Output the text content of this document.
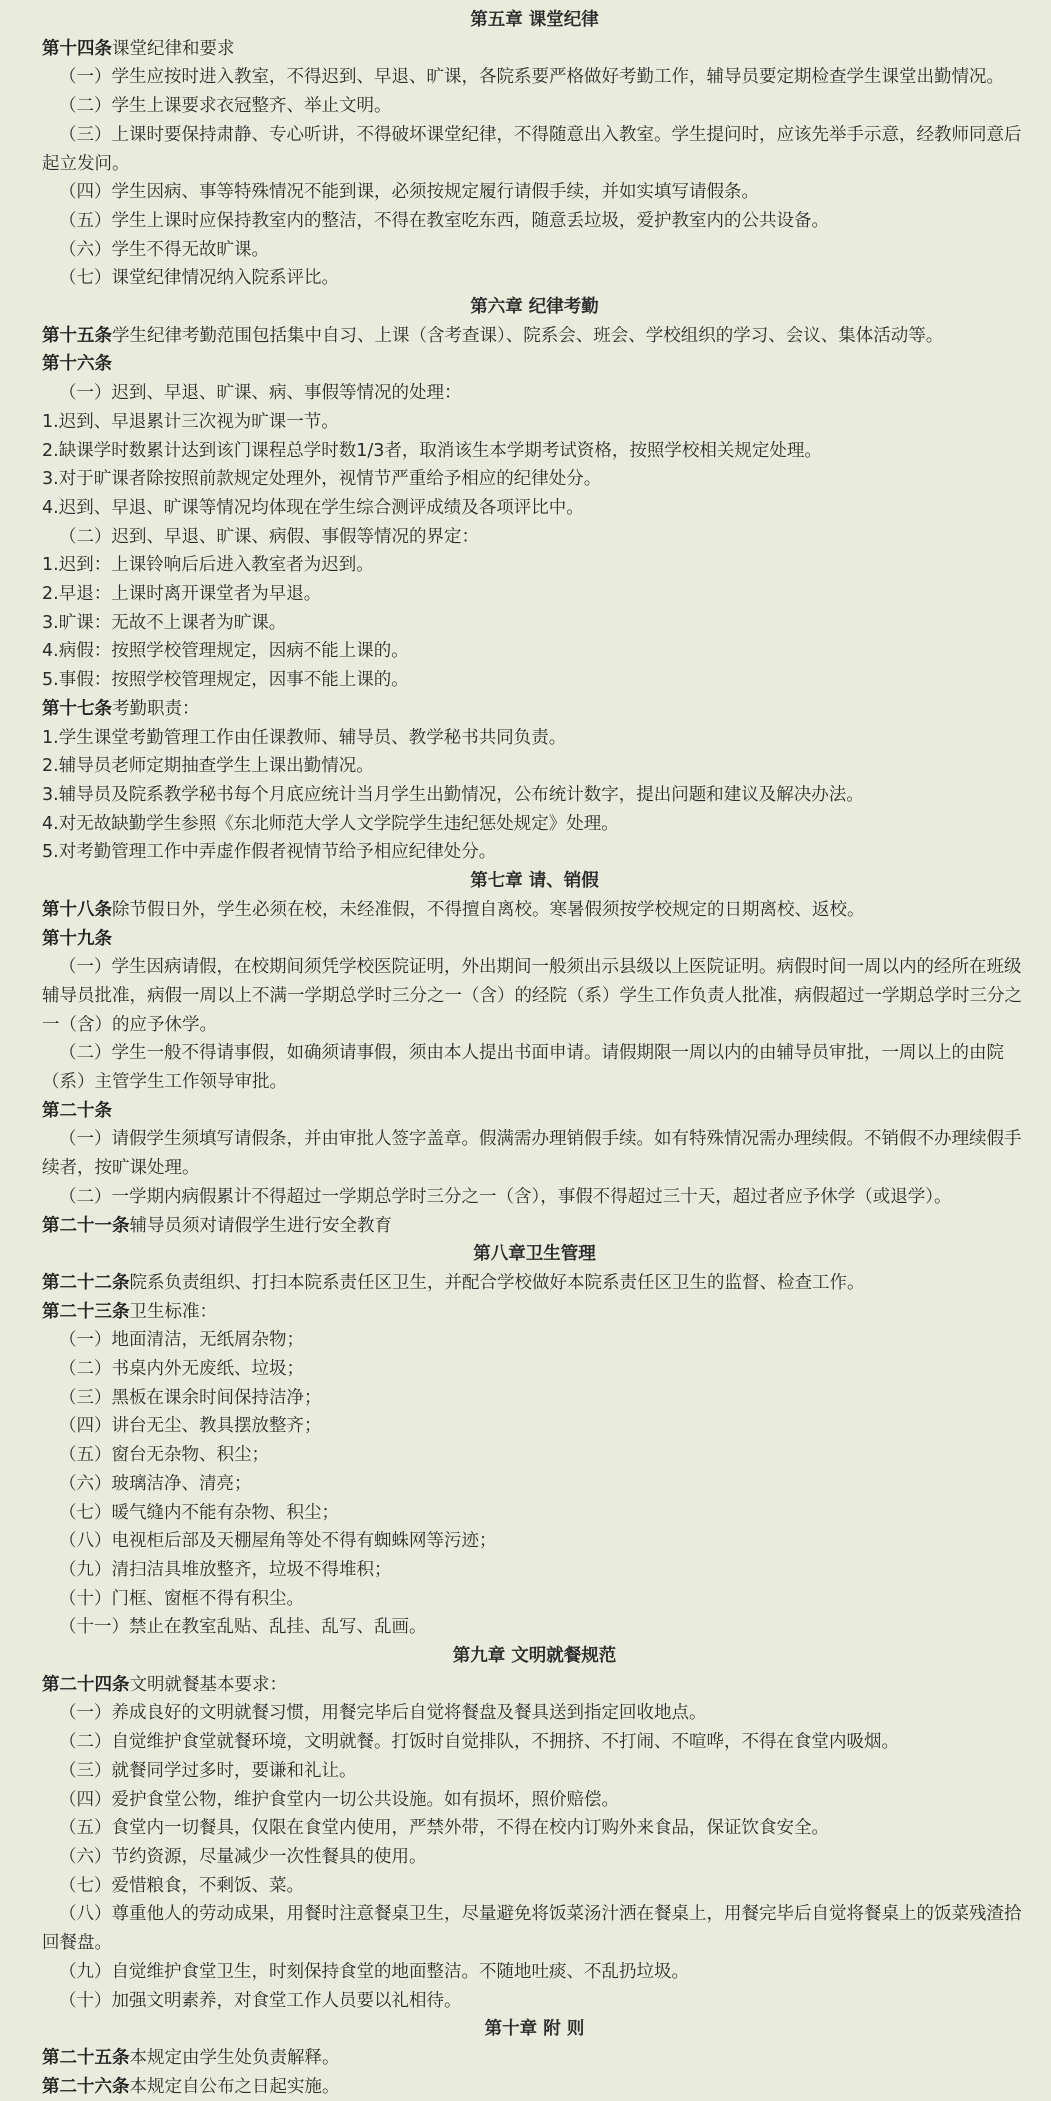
第五章 课堂纪律
第十四条课堂纪律和要求
（一）学生应按时进入教室，不得迟到、早退、旷课，各院系要严格做好考勤工作，辅导员要定期检查学生课堂出勤情况。
（二）学生上课要求衣冠整齐、举止文明。
（三）上课时要保持肃静、专心听讲，不得破坏课堂纪律，不得随意出入教室。学生提问时，应该先举手示意，经教师同意后起立发问。
（四）学生因病、事等特殊情况不能到课，必须按规定履行请假手续，并如实填写请假条。
（五）学生上课时应保持教室内的整洁，不得在教室吃东西，随意丢垃圾，爱护教室内的公共设备。
（六）学生不得无故旷课。
（七）课堂纪律情况纳入院系评比。
第六章 纪律考勤
第十五条学生纪律考勤范围包括集中自习、上课（含考查课）、院系会、班会、学校组织的学习、会议、集体活动等。
第十六条
（一）迟到、早退、旷课、病、事假等情况的处理：
1.迟到、早退累计三次视为旷课一节。
2.缺课学时数累计达到该门课程总学时数1/3者，取消该生本学期考试资格，按照学校相关规定处理。
3.对于旷课者除按照前款规定处理外，视情节严重给予相应的纪律处分。
4.迟到、早退、旷课等情况均体现在学生综合测评成绩及各项评比中。
（二）迟到、早退、旷课、病假、事假等情况的界定：
1.迟到：上课铃响后后进入教室者为迟到。
2.早退：上课时离开课堂者为早退。
3.旷课：无故不上课者为旷课。
4.病假：按照学校管理规定，因病不能上课的。
5.事假：按照学校管理规定，因事不能上课的。
第十七条考勤职责：
1.学生课堂考勤管理工作由任课教师、辅导员、教学秘书共同负责。
2.辅导员老师定期抽查学生上课出勤情况。
3.辅导员及院系教学秘书每个月底应统计当月学生出勤情况，公布统计数字，提出问题和建议及解决办法。
4.对无故缺勤学生参照《东北师范大学人文学院学生违纪惩处规定》处理。
5.对考勤管理工作中弄虚作假者视情节给予相应纪律处分。
第七章 请、销假
第十八条除节假日外，学生必须在校，未经准假，不得擅自离校。寒暑假须按学校规定的日期离校、返校。
第十九条
（一）学生因病请假，在校期间须凭学校医院证明，外出期间一般须出示县级以上医院证明。病假时间一周以内的经所在班级辅导员批准，病假一周以上不满一学期总学时三分之一（含）的经院（系）学生工作负责人批准，病假超过一学期总学时三分之一（含）的应予休学。
（二）学生一般不得请事假，如确须请事假，须由本人提出书面申请。请假期限一周以内的由辅导员审批，一周以上的由院（系）主管学生工作领导审批。
第二十条
（一）请假学生须填写请假条，并由审批人签字盖章。假满需办理销假手续。如有特殊情况需办理续假。不销假不办理续假手续者，按旷课处理。
（二）一学期内病假累计不得超过一学期总学时三分之一（含），事假不得超过三十天，超过者应予休学（或退学）。
第二十一条辅导员须对请假学生进行安全教育
第八章卫生管理
第二十二条院系负责组织、打扫本院系责任区卫生，并配合学校做好本院系责任区卫生的监督、检查工作。
第二十三条卫生标准：
（一）地面清洁，无纸屑杂物；
（二）书桌内外无废纸、垃圾；
（三）黑板在课余时间保持洁净；
（四）讲台无尘、教具摆放整齐；
（五）窗台无杂物、积尘；
（六）玻璃洁净、清亮；
（七）暖气缝内不能有杂物、积尘；
（八）电视柜后部及天棚屋角等处不得有蜘蛛网等污迹；
（九）清扫洁具堆放整齐，垃圾不得堆积；
（十）门框、窗框不得有积尘。
（十一）禁止在教室乱贴、乱挂、乱写、乱画。
第九章 文明就餐规范
第二十四条文明就餐基本要求：
（一）养成良好的文明就餐习惯，用餐完毕后自觉将餐盘及餐具送到指定回收地点。
（二）自觉维护食堂就餐环境，文明就餐。打饭时自觉排队，不拥挤、不打闹、不喧哗，不得在食堂内吸烟。
（三）就餐同学过多时，要谦和礼让。
（四）爱护食堂公物，维护食堂内一切公共设施。如有损坏，照价赔偿。
（五）食堂内一切餐具，仅限在食堂内使用，严禁外带，不得在校内订购外来食品，保证饮食安全。
（六）节约资源，尽量减少一次性餐具的使用。
（七）爱惜粮食，不剩饭、菜。
（八）尊重他人的劳动成果，用餐时注意餐桌卫生，尽量避免将饭菜汤汁洒在餐桌上，用餐完毕后自觉将餐桌上的饭菜残渣拾回餐盘。
（九）自觉维护食堂卫生，时刻保持食堂的地面整洁。不随地吐痰、不乱扔垃圾。
（十）加强文明素养，对食堂工作人员要以礼相待。
第十章 附 则
第二十五条本规定由学生处负责解释。
第二十六条本规定自公布之日起实施。
